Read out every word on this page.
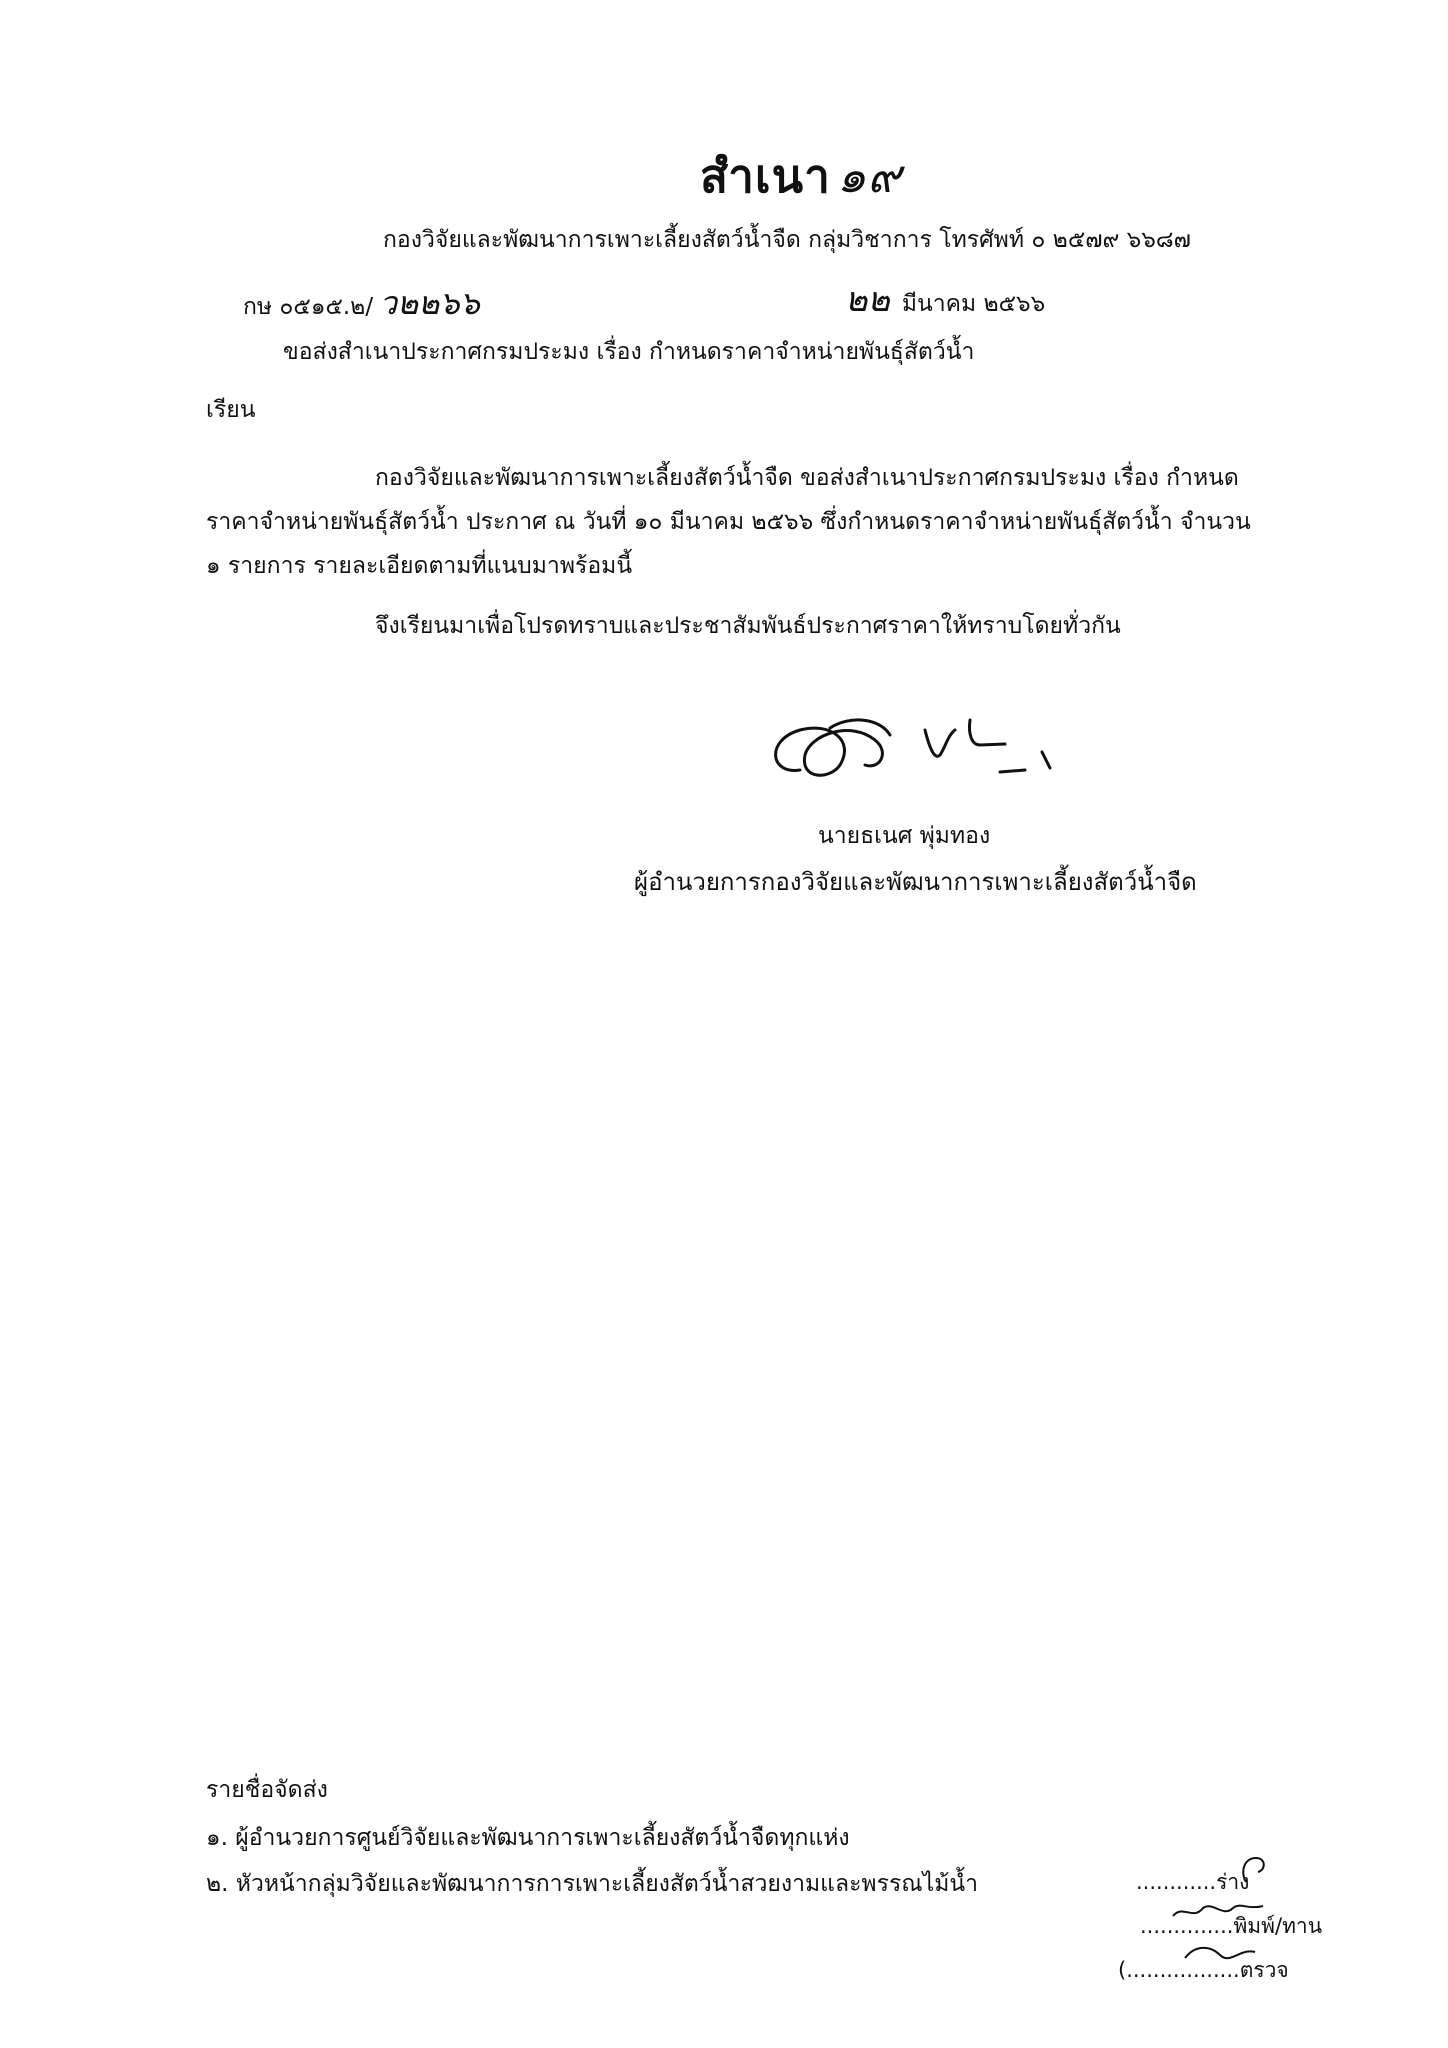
สำเนา ๑๙
กองวิจัยและพัฒนาการเพาะเลี้ยงสัตว์น้ำจืด กลุ่มวิชาการ โทรศัพท์ ๐ ๒๕๗๙ ๖๖๘๗
กษ ๐๕๑๕.๒/ ว๒๒๖๖	๒๒ มีนาคม ๒๕๖๖
ขอส่งสำเนาประกาศกรมประมง เรื่อง กำหนดราคาจำหน่ายพันธุ์สัตว์น้ำ
เรียน
กองวิจัยและพัฒนาการเพาะเลี้ยงสัตว์น้ำจืด ขอส่งสำเนาประกาศกรมประมง เรื่อง กำหนด
ราคาจำหน่ายพันธุ์สัตว์น้ำ ประกาศ ณ วันที่ ๑๐ มีนาคม ๒๕๖๖ ซึ่งกำหนดราคาจำหน่ายพันธุ์สัตว์น้ำ จำนวน
๑ รายการ รายละเอียดตามที่แนบมาพร้อมนี้
จึงเรียนมาเพื่อโปรดทราบและประชาสัมพันธ์ประกาศราคาให้ทราบโดยทั่วกัน
นายธเนศ พุ่มทอง
ผู้อำนวยการกองวิจัยและพัฒนาการเพาะเลี้ยงสัตว์น้ำจืด
รายชื่อจัดส่ง
๑. ผู้อำนวยการศูนย์วิจัยและพัฒนาการเพาะเลี้ยงสัตว์น้ำจืดทุกแห่ง
๒. หัวหน้ากลุ่มวิจัยและพัฒนาการการเพาะเลี้ยงสัตว์น้ำสวยงามและพรรณไม้น้ำ	............ร่าง
..............พิมพ์/ทาน
(.................ตรวจ
